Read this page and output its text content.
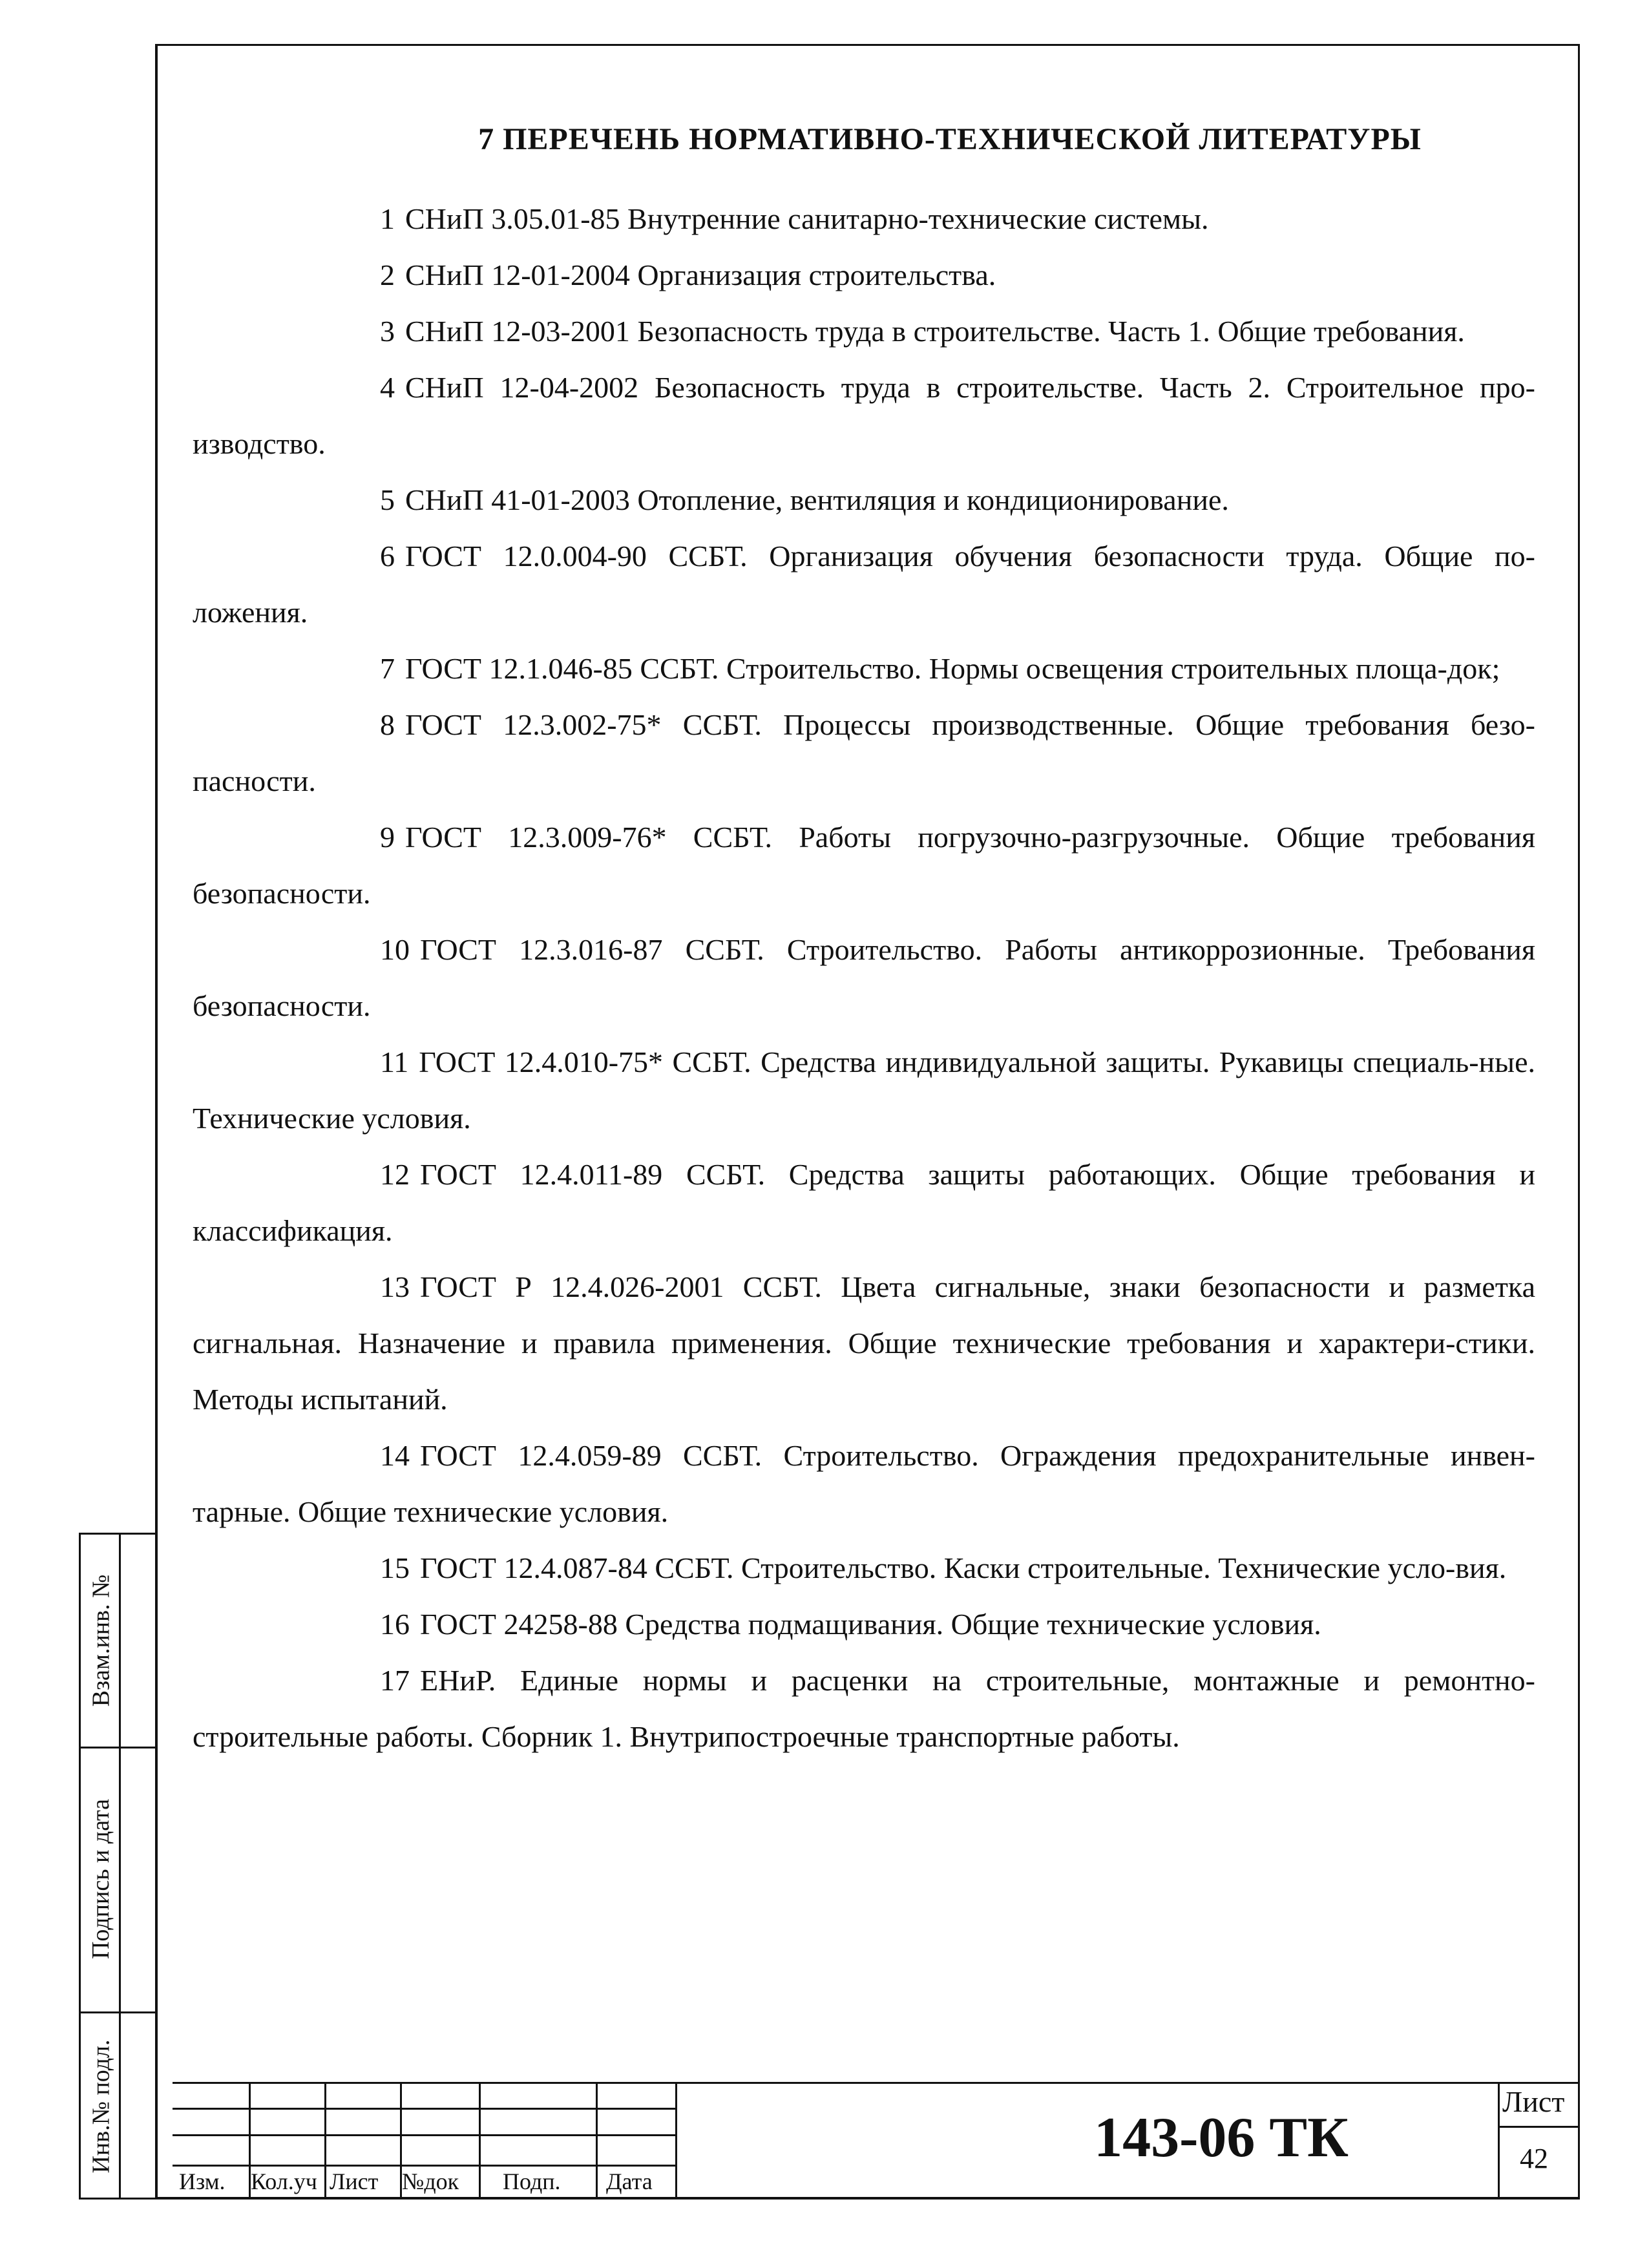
7 ПЕРЕЧЕНЬ НОРМАТИВНО-ТЕХНИЧЕСКОЙ ЛИТЕРАТУРЫ

1 СНиП 3.05.01-85 Внутренние санитарно-технические системы.

2 СНиП 12-01-2004 Организация строительства.

3 СНиП 12-03-2001 Безопасность труда в строительстве. Часть 1. Общие требования.

4 СНиП 12-04-2002 Безопасность труда в строительстве. Часть 2. Строительное про-изводство.

5 СНиП 41-01-2003 Отопление, вентиляция и кондиционирование.

6 ГОСТ 12.0.004-90 ССБТ. Организация обучения безопасности труда. Общие по-ложения.

7 ГОСТ 12.1.046-85 ССБТ. Строительство. Нормы освещения строительных площа-док;

8 ГОСТ 12.3.002-75* ССБТ. Процессы производственные. Общие требования безо-пасности.

9 ГОСТ 12.3.009-76* ССБТ. Работы погрузочно-разгрузочные. Общие требования безопасности.

10 ГОСТ 12.3.016-87 ССБТ. Строительство. Работы антикоррозионные. Требования безопасности.

11 ГОСТ 12.4.010-75* ССБТ. Средства индивидуальной защиты. Рукавицы специаль-ные. Технические условия.

12 ГОСТ 12.4.011-89 ССБТ. Средства защиты работающих. Общие требования и классификация.

13 ГОСТ Р 12.4.026-2001 ССБТ. Цвета сигнальные, знаки безопасности и разметка сигнальная. Назначение и правила применения. Общие технические требования и характери-стики. Методы испытаний.

14 ГОСТ 12.4.059-89 ССБТ. Строительство. Ограждения предохранительные инвен-тарные. Общие технические условия.

15 ГОСТ 12.4.087-84 ССБТ. Строительство. Каски строительные. Технические усло-вия.

16 ГОСТ 24258-88 Средства подмащивания. Общие технические условия.

17 ЕНиР. Единые нормы и расценки на строительные, монтажные и ремонтно-строительные работы. Сборник 1. Внутрипостроечные транспортные работы.

Взам.инв. №
Подпись и дата
Инв.№ подл.
Изм. Кол.уч Лист №док Подп. Дата
143-06 ТК
Лист
42
